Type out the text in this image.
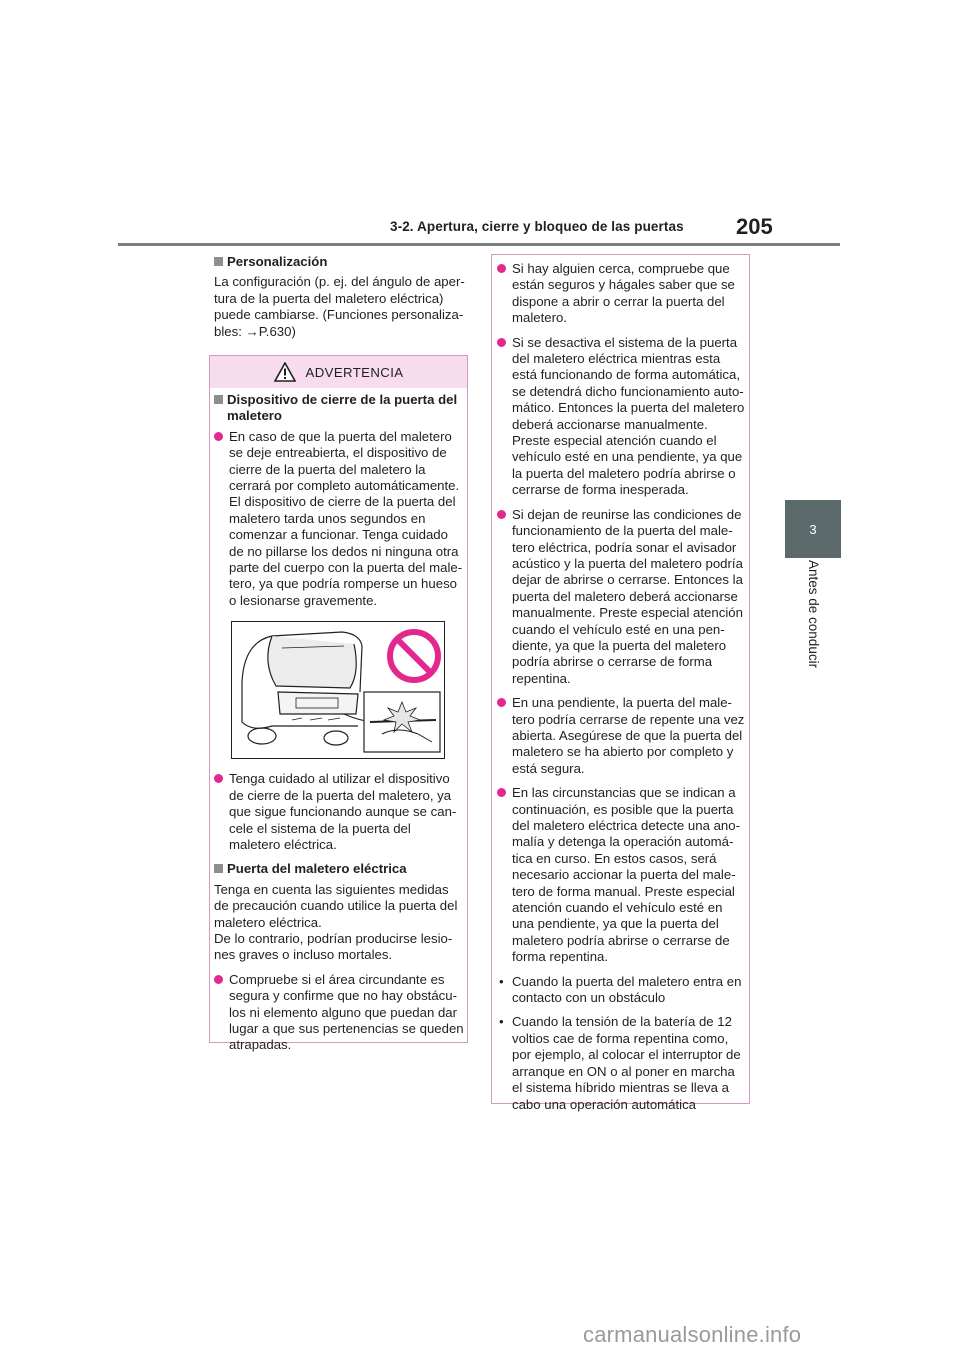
3-2. Apertura, cierre y bloqueo de las puertas 205
3
Antes de conducir
Personalización

La configuración (p. ej. del ángulo de aper-tura de la puerta del maletero eléctrica) puede cambiarse. (Funciones personaliza-bles: →P.630)

ADVERTENCIA
Dispositivo de cierre de la puerta del maletero
En caso de que la puerta del maletero se deje entreabierta, el dispositivo de cierre de la puerta del maletero la cerrará por completo automáticamente. El dispositivo de cierre de la puerta del maletero tarda unos segundos en comenzar a funcionar. Tenga cuidado de no pillarse los dedos ni ninguna otra parte del cuerpo con la puerta del male-tero, ya que podría romperse un hueso o lesionarse gravemente.
Tenga cuidado al utilizar el dispositivo de cierre de la puerta del maletero, ya que sigue funcionando aunque se can-cele el sistema de la puerta del maletero eléctrica.
Puerta del maletero eléctrica

Tenga en cuenta las siguientes medidas de precaución cuando utilice la puerta del maletero eléctrica.
De lo contrario, podrían producirse lesio-nes graves o incluso mortales.

Compruebe si el área circundante es segura y confirme que no hay obstácu-los ni elemento alguno que puedan dar lugar a que sus pertenencias se queden atrapadas.
Si hay alguien cerca, compruebe que están seguros y hágales saber que se dispone a abrir o cerrar la puerta del maletero.
Si se desactiva el sistema de la puerta del maletero eléctrica mientras esta está funcionando de forma automática, se detendrá dicho funcionamiento auto-mático. Entonces la puerta del maletero deberá accionarse manualmente. Preste especial atención cuando el vehículo esté en una pendiente, ya que la puerta del maletero podría abrirse o cerrarse de forma inesperada.
Si dejan de reunirse las condiciones de funcionamiento de la puerta del male-tero eléctrica, podría sonar el avisador acústico y la puerta del maletero podría dejar de abrirse o cerrarse. Entonces la puerta del maletero deberá accionarse manualmente. Preste especial atención cuando el vehículo esté en una pen-diente, ya que la puerta del maletero podría abrirse o cerrarse de forma repentina.
En una pendiente, la puerta del male-tero podría cerrarse de repente una vez abierta. Asegúrese de que la puerta del maletero se ha abierto por completo y está segura.
En las circunstancias que se indican a continuación, es posible que la puerta del maletero eléctrica detecte una ano-malía y detenga la operación automá-tica en curso. En estos casos, será necesario accionar la puerta del male-tero de forma manual. Preste especial atención cuando el vehículo esté en una pendiente, ya que la puerta del maletero podría abrirse o cerrarse de forma repentina.
• Cuando la puerta del maletero entra en contacto con un obstáculo
• Cuando la tensión de la batería de 12 voltios cae de forma repentina como, por ejemplo, al colocar el interruptor de arranque en ON o al poner en marcha el sistema híbrido mientras se lleva a cabo una operación automática
carmanualsonline.info
